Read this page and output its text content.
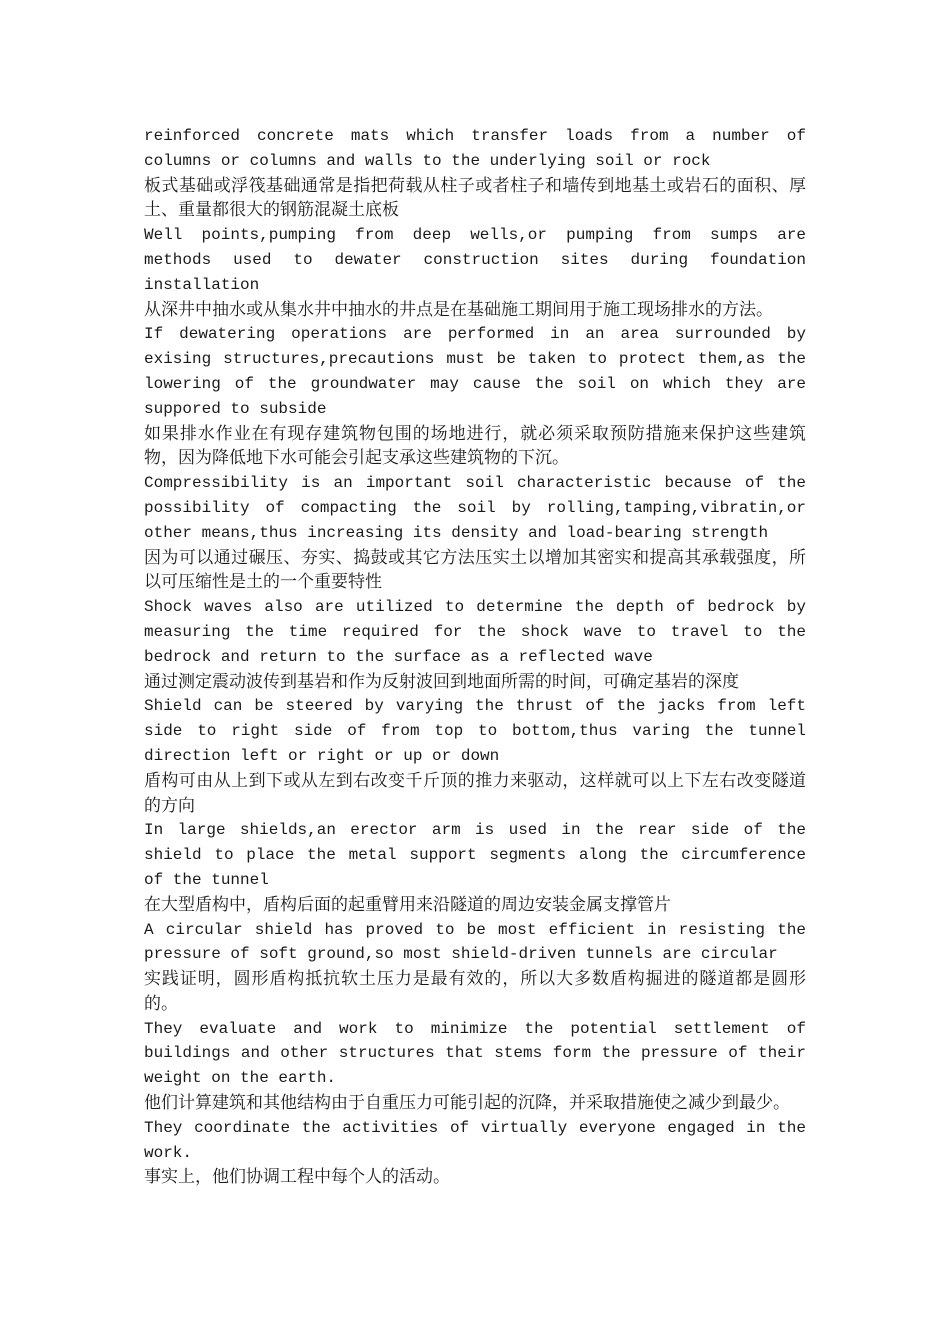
reinforced concrete mats which transfer loads from a number of columns or columns and walls to the underlying soil or rock

板式基础或浮筏基础通常是指把荷载从柱子或者柱子和墙传到地基土或岩石的面积、厚土、重量都很大的钢筋混凝土底板

Well points,pumping from deep wells,or pumping from sumps are methods used to dewater construction sites during foundation installation

从深井中抽水或从集水井中抽水的井点是在基础施工期间用于施工现场排水的方法。

If dewatering operations are performed in an area surrounded by exising structures,precautions must be taken to protect them,as the lowering of the groundwater may cause the soil on which they are suppored to subside

如果排水作业在有现存建筑物包围的场地进行，就必须采取预防措施来保护这些建筑物，因为降低地下水可能会引起支承这些建筑物的下沉。

Compressibility is an important soil characteristic because of the possibility of compacting the soil by rolling,tamping,vibratin,or other means,thus increasing its density and load-bearing strength

因为可以通过碾压、夯实、捣鼓或其它方法压实土以增加其密实和提高其承载强度，所以可压缩性是土的一个重要特性

Shock waves also are utilized to determine the depth of bedrock by measuring the time required for the shock wave to travel to the bedrock and return to the surface as a reflected wave

通过测定震动波传到基岩和作为反射波回到地面所需的时间，可确定基岩的深度

Shield can be steered by varying the thrust of the jacks from left side to right side of from top to bottom,thus varing the tunnel direction left or right or up or down

盾构可由从上到下或从左到右改变千斤顶的推力来驱动，这样就可以上下左右改变隧道的方向

In large shields,an erector arm is used in the rear side of the shield to place the metal support segments along the circumference of the tunnel

在大型盾构中，盾构后面的起重臂用来沿隧道的周边安装金属支撑管片

A circular shield has proved to be most efficient in resisting the pressure of soft ground,so most shield-driven tunnels are circular

实践证明，圆形盾构抵抗软土压力是最有效的，所以大多数盾构掘进的隧道都是圆形的。

They evaluate and work to minimize the potential settlement of buildings and other structures that stems form the pressure of their weight on the earth.

他们计算建筑和其他结构由于自重压力可能引起的沉降，并采取措施使之减少到最少。

They coordinate the activities of virtually everyone engaged in the work.

事实上，他们协调工程中每个人的活动。
